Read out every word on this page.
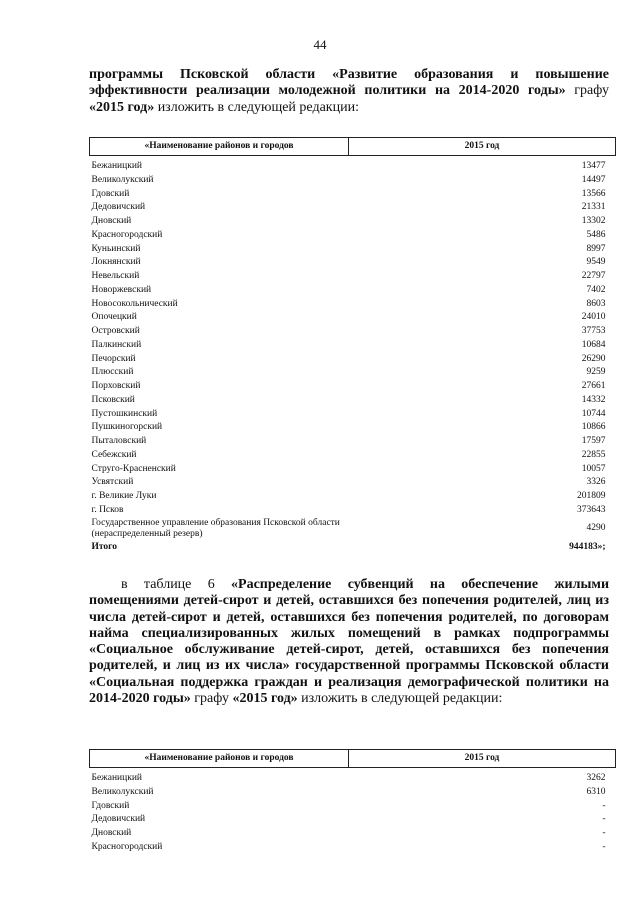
44

программы Псковской области «Развитие образования и повышение эффективности реализации молодежной политики на 2014-2020 годы» графу «2015 год» изложить в следующей редакции:

«Наименование районов и городов	2015 год

Бежаницкий	13477
Великолукский	14497
Гдовский	13566
Дедовичский	21331
Дновский	13302
Красногородский	5486
Куньинский	8997
Локнянский	9549
Невельский	22797
Новоржевский	7402
Новосокольнический	8603
Опочецкий	24010
Островский	37753
Палкинский	10684
Печорский	26290
Плюсский	9259
Порховский	27661
Псковский	14332
Пустошкинский	10744
Пушкиногорский	10866
Пыталовский	17597
Себежский	22855
Струго-Красненский	10057
Усвятский	3326
г. Великие Луки	201809
г. Псков	373643
Государственное управление образования Псковской области (нераспределенный резерв)	4290
Итого	944183»;

в таблице 6 «Распределение субвенций на обеспечение жилыми помещениями детей-сирот и детей, оставшихся без попечения родителей, лиц из числа детей-сирот и детей, оставшихся без попечения родителей, по договорам найма специализированных жилых помещений в рамках подпрограммы «Социальное обслуживание детей-сирот, детей, оставшихся без попечения родителей, и лиц из их числа» государственной программы Псковской области «Социальная поддержка граждан и реализация демографической политики на 2014-2020 годы» графу «2015 год» изложить в следующей редакции:

«Наименование районов и городов	2015 год

Бежаницкий	3262
Великолукский	6310
Гдовский	-
Дедовичский	-
Дновский	-
Красногородский	-
